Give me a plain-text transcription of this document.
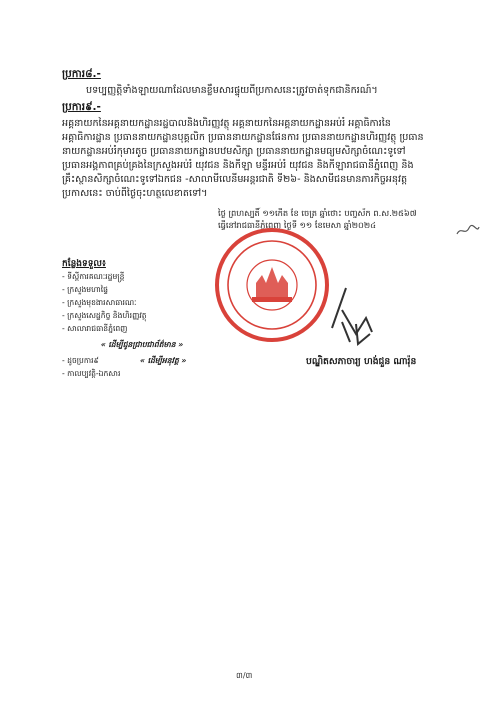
ប្រការ៨.-
បទប្បញ្ញត្តិទាំងឡាយណាដែលមានខ្លឹមសារផ្ទុយពីប្រកាសនេះត្រូវចាត់ទុកជានិករណ៍។
ប្រការ៩.-
អគ្គនាយកនៃអគ្គនាយកដ្ឋានរដ្ឋបាលនិងហិរញ្ញវត្ថុ អគ្គនាយកនៃអគ្គនាយកដ្ឋានអប់រំ អគ្គាធិការនៃ
អគ្គាធិការដ្ឋាន ប្រធាននាយកដ្ឋានបុគ្គលិក ប្រធាននាយកដ្ឋានផែនការ ប្រធាននាយកដ្ឋានហិរញ្ញវត្ថុ ប្រធាន
នាយកដ្ឋានអប់រំកុមារតូច ប្រធាននាយកដ្ឋានបឋមសិក្សា ប្រធាននាយកដ្ឋានមធ្យមសិក្សាចំណេះទូទៅ
ប្រធានអង្គភាពគ្រប់គ្រងនៃក្រសួងអប់រំ យុវជន និងកីឡា មន្ទីរអប់រំ យុវជន និងកីឡារាជធានីភ្នំពេញ និង
គ្រឹះស្ថានសិក្សាចំណេះទូទៅឯកជន -សាលាមីលេនីមអន្តរជាតិ ទី២៦- និងសាមីជនមានភារកិច្ចអនុវត្ត
ប្រកាសនេះ ចាប់ពីថ្ងៃចុះហត្ថលេខាតទៅ។
ថ្ងៃ ព្រហស្បតិ៍ ១១កើត ខែ ចេត្រ ឆ្នាំថោះ បញ្ចស័ក ព.ស.២៥៦៧
ធ្វើនៅរាជធានីភ្នំពេញ ថ្ងៃទី ១១ ខែមេសា ឆ្នាំ២០២៤
កន្លែងទទួល៖
- ទីស្តីការគណៈរដ្ឋមន្ត្រី
- ក្រសួងមហាផ្ទៃ
- ក្រសួងមុខងារសាធារណៈ
- ក្រសួងសេដ្ឋកិច្ច និងហិរញ្ញវត្ថុ
- សាលារាជធានីភ្នំពេញ
« ដើម្បីជូនជ្រាបជាព័ត៌មាន »
- ដូចប្រការ៩	« ដើម្បីអនុវត្ត »
- កាលប្បវត្តិ-ឯកសារ
បណ្ឌិតសភាចារ្យ ហង់ជួន ណារ៉ុន
៣/៣
